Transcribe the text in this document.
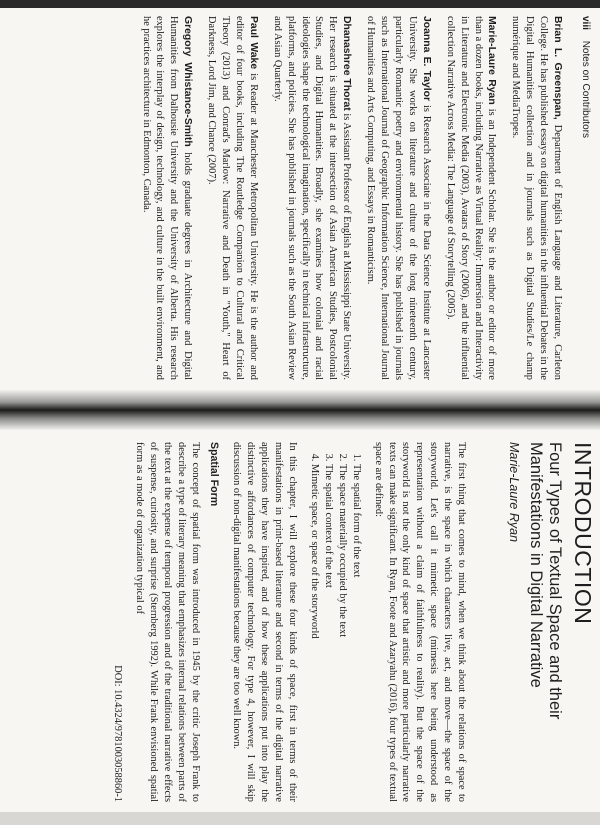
viii Notes on Contributors

Brian L. Greenspan, Department of English Language and Literature, Carleton College. He has published essays on digital humanities in the influential Debates in the Digital Humanities collection and in journals such as Digital Studies/Le champ numérique and MediaTropes.

Marie-Laure Ryan is an Independent Scholar. She is the author or editor of more than a dozen books, including Narrative as Virtual Reality: Immersion and Interactivity in Literature and Electronic Media (2003), Avatars of Story (2006), and the influential collection Narrative Across Media: The Language of Storytelling (2005).

Joanna E. Taylor is Research Associate in the Data Science Institute at Lancaster University. She works on literature and culture of the long nineteenth century, particularly Romantic poetry and environmental history. She has published in journals such as International Journal of Geographic Information Science, International Journal of Humanities and Arts Computing, and Essays in Romanticism.

Dhanashree Thorat is Assistant Professor of English at Mississippi State University. Her research is situated at the intersection of Asian American Studies, Postcolonial Studies, and Digital Humanities. Broadly, she examines how colonial and racial ideologies shape the technological imagination, specifically in technical infrastructure, platforms, and policies. She has published in journals such as the South Asian Review and Asian Quarterly.

Paul Wake is Reader at Manchester Metropolitan University. He is the author and editor of four books, including The Routledge Companion to Cultural and Critical Theory (2013) and Conrad's Marlow: Narrative and Death in "Youth," Heart of Darkness, Lord Jim, and Chance (2007).

Gregory Whistance-Smith holds graduate degrees in Architecture and Digital Humanities from Dalhousie University and the University of Alberta. His research explores the interplay of design, technology, and culture in the built environment, and he practices architecture in Edmonton, Canada.

INTRODUCTION
Four Types of Textual Space and their Manifestations in Digital Narrative
Marie-Laure Ryan

The first thing that comes to mind, when we think about the relations of space to narrative, is the space in which characters live, act, and move—the space of the storyworld. Let's call it mimetic space (mimesis here being understood as representation without a claim of faithfulness to reality). But the space of the storyworld is not the only kind of space that artistic and more particularly narrative texts can make significant. In Ryan, Foote and Azaryahu (2016), four types of textual space are defined:

1. The spatial form of the text
2. The space materially occupied by the text
3. The spatial context of the text
4. Mimetic space, or space of the storyworld

In this chapter, I will explore these four kinds of space, first in terms of their manifestations in print-based literature and second in terms of the digital narrative applications they have inspired, and of how these applications put into play the distinctive affordances of computer technology. For type 4, however, I will skip discussion of non-digital manifestations because they are too well known.

Spatial Form

The concept of spatial form was introduced in 1945 by the critic Joseph Frank to describe a type of literary meaning that emphasizes internal relations between parts of the text at the expense of temporal progression and of the traditional narrative effects of suspense, curiosity, and surprise (Sternberg 1992). While Frank envisioned spatial form as a mode of organization typical of

DOI: 10.4324/9781003058860-1
